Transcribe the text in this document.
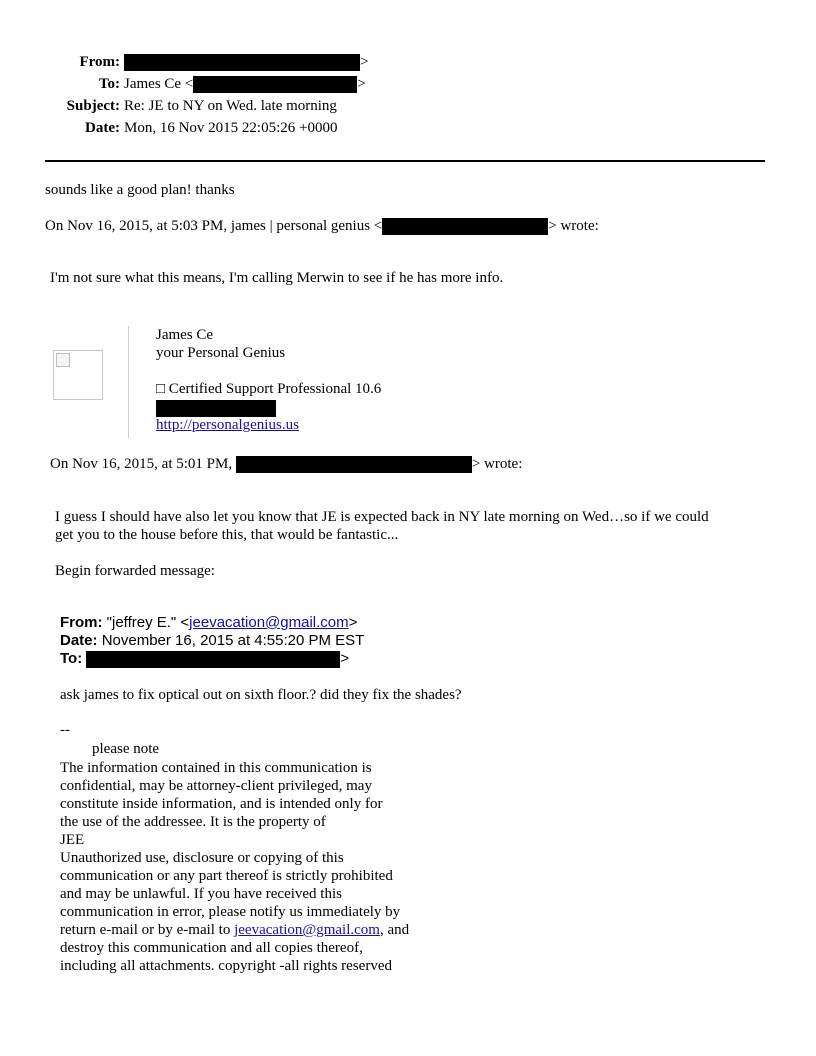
From:	>
To: James Ce <	>
Subject: Re: JE to NY on Wed. late morning
Date: Mon, 16 Nov 2015 22:05:26 +0000
sounds like a good plan! thanks
On Nov 16, 2015, at 5:03 PM, james | personal genius <	> wrote:
I'm not sure what this means, I'm calling Merwin to see if he has more info.
James Ce
your Personal Genius
□ Certified Support Professional 10.6
http://personalgenius.us
On Nov 16, 2015, at 5:01 PM,	> wrote:
I guess I should have also let you know that JE is expected back in NY late morning on Wed…so if we could
get you to the house before this, that would be fantastic...
Begin forwarded message:
From: "jeffrey E." <jeevacation@gmail.com>
Date: November 16, 2015 at 4:55:20 PM EST
To:	>
ask james to fix optical out on sixth floor.? did they fix the shades?
--
please note
The information contained in this communication is
confidential, may be attorney-client privileged, may
constitute inside information, and is intended only for
the use of the addressee. It is the property of
JEE
Unauthorized use, disclosure or copying of this
communication or any part thereof is strictly prohibited
and may be unlawful. If you have received this
communication in error, please notify us immediately by
return e-mail or by e-mail to jeevacation@gmail.com, and
destroy this communication and all copies thereof,
including all attachments. copyright -all rights reserved
